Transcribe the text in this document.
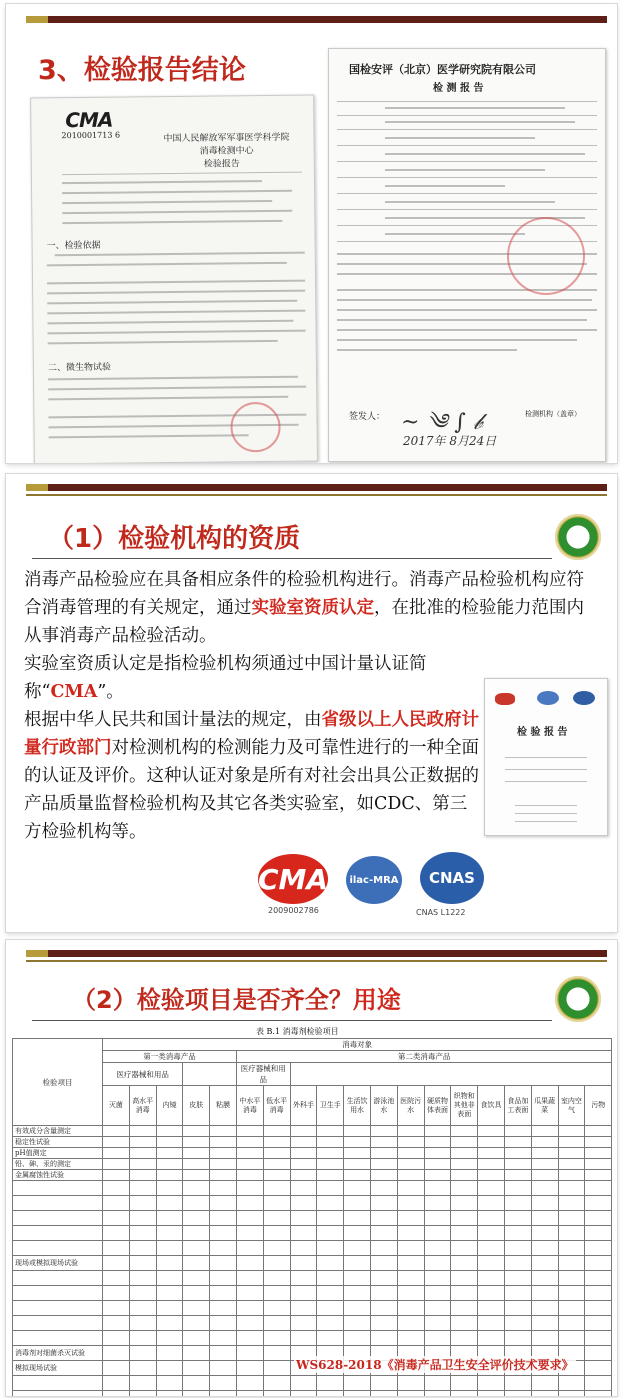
3、检验报告结论
CMA
2010001713 6	中国人民解放军军事医学科学院
消毒检测中心
检验报告
一、检验依据
二、微生物试验
国检安评（北京）医学研究院有限公司
检 测 报 告
签发人： ~ ༄ ∫ 𝒷
2017年 8月24日
检测机构（盖章）
（1）检验机构的资质
消毒产品检验应在具备相应条件的检验机构进行。消毒产品检验机构应符合消毒管理的有关规定，通过实验室资质认定，在批准的检验能力范围内从事消毒产品检验活动。
实验室资质认定是指检验机构须通过中国计量认证简称“CMA”。
根据中华人民共和国计量法的规定，由省级以上人民政府计量行政部门对检测机构的检测能力及可靠性进行的一种全面的认证及评价。这种认证对象是所有对社会出具公正数据的产品质量监督检验机构及其它各类实验室，如CDC、第三方检验机构等。
检 验 报 告
CMA	ilac-MRA	CNAS
2009002786	CNAS L1222
（2）检验项目是否齐全？用途
表 B.1 消毒剂检验项目
检验项目	消毒对象																		
	第一类消毒产品					第二类消毒产品													
	医疗器械和用品					医疗器械和用品													
	灭菌	高水平消毒	内镜	皮肤	粘膜	中水平消毒	低水平消毒	外科手	卫生手	生活饮用水	游泳池水	医院污水	硬质物体表面	织物和其他非表面	食饮具	食品加工表面	瓜果蔬菜	室内空气	污物
有效成分含量测定																			
稳定性试验																			
pH值测定																			
铅、砷、汞的测定																			
金属腐蚀性试验																			

现场或模拟现场试验																			

消毒剂对细菌杀灭试验																			
模拟现场试验																			

																				WS628-2018《消毒产品卫生安全评价技术要求》
